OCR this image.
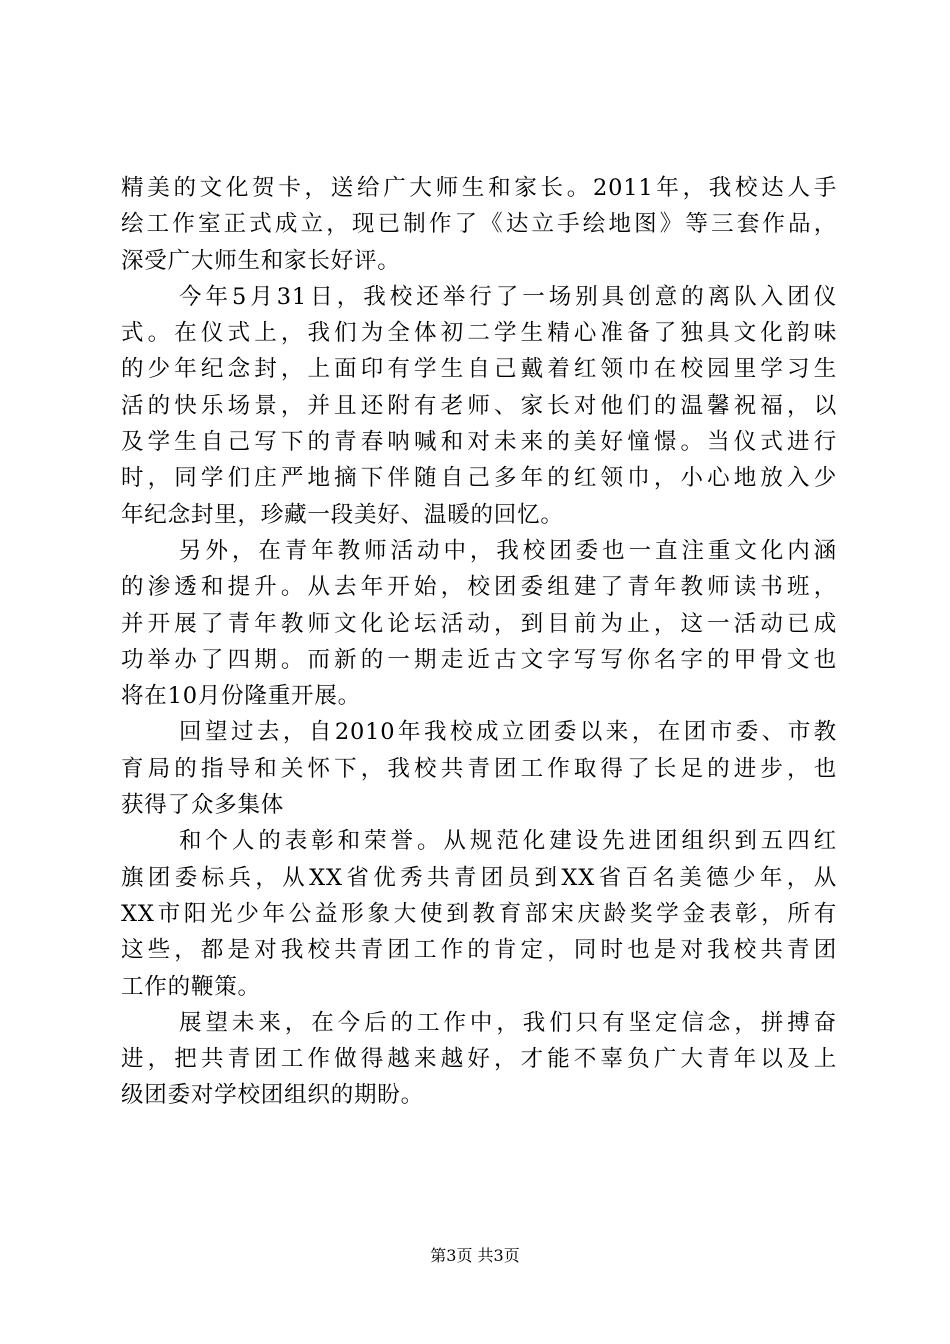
精美的文化贺卡，送给广大师生和家长。2011年，我校达人手
绘工作室正式成立，现已制作了《达立手绘地图》等三套作品，
深受广大师生和家长好评。
今年5月31日，我校还举行了一场别具创意的离队入团仪
式。在仪式上，我们为全体初二学生精心准备了独具文化韵味
的少年纪念封，上面印有学生自己戴着红领巾在校园里学习生
活的快乐场景，并且还附有老师、家长对他们的温馨祝福，以
及学生自己写下的青春呐喊和对未来的美好憧憬。当仪式进行
时，同学们庄严地摘下伴随自己多年的红领巾，小心地放入少
年纪念封里，珍藏一段美好、温暖的回忆。
另外，在青年教师活动中，我校团委也一直注重文化内涵
的渗透和提升。从去年开始，校团委组建了青年教师读书班，
并开展了青年教师文化论坛活动，到目前为止，这一活动已成
功举办了四期。而新的一期走近古文字写写你名字的甲骨文也
将在10月份隆重开展。
回望过去，自2010年我校成立团委以来，在团市委、市教
育局的指导和关怀下，我校共青团工作取得了长足的进步，也
获得了众多集体
和个人的表彰和荣誉。从规范化建设先进团组织到五四红
旗团委标兵，从XX省优秀共青团员到XX省百名美德少年，从
XX市阳光少年公益形象大使到教育部宋庆龄奖学金表彰，所有
这些，都是对我校共青团工作的肯定，同时也是对我校共青团
工作的鞭策。
展望未来，在今后的工作中，我们只有坚定信念，拼搏奋
进，把共青团工作做得越来越好，才能不辜负广大青年以及上
级团委对学校团组织的期盼。
第3页 共3页
